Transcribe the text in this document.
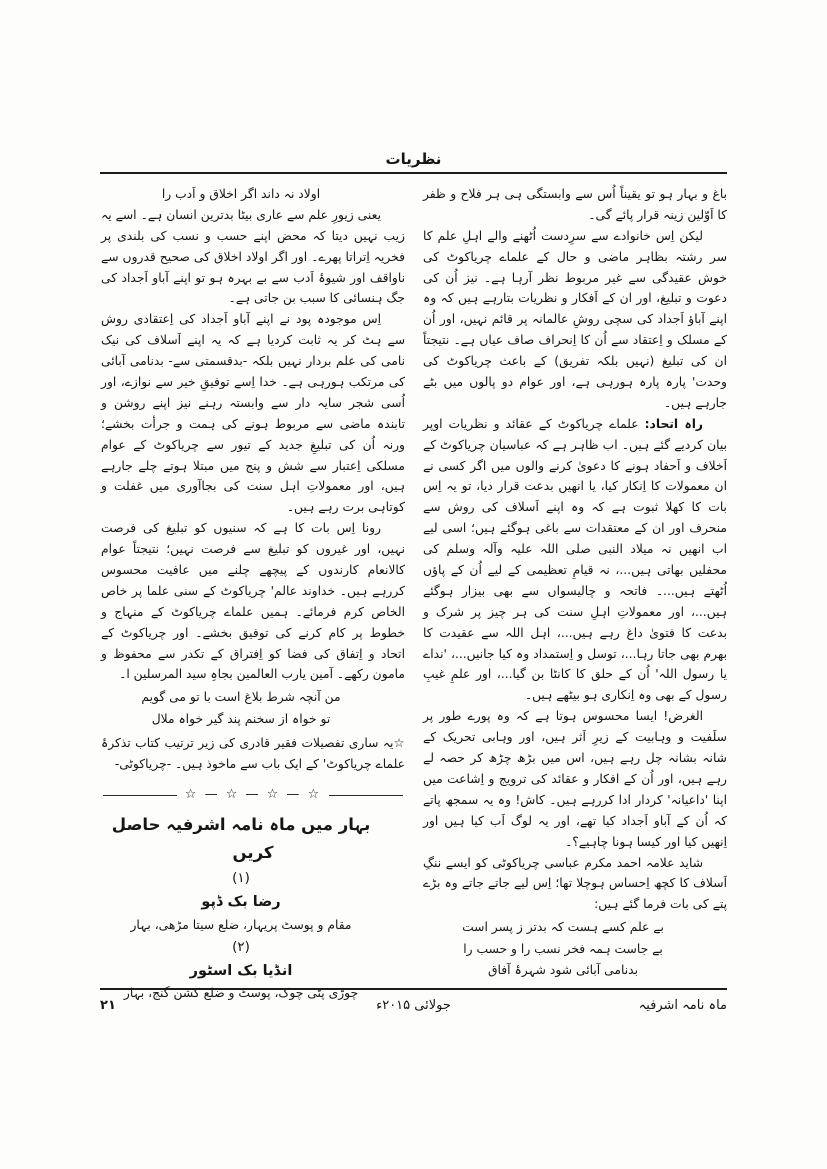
نظریات

باغ و بہار ہو تو یقیناً اُس سے وابستگی ہی ہر فلاح و ظفر کا اَوّلین زینہ قرار پائے گی۔

لیکن اِس خانوادے سے سرِدست اُٹھنے والے اہلِ علم کا سر رشتہ بظاہر ماضی و حال کے علماے چریاکوٹ کی خوش عقیدگی سے غیر مربوط نظر آرہا ہے۔ نیز اُن کی دعوت و تبلیغ، اور ان کے اَفکار و نظریات بتارہے ہیں کہ وہ اپنے آباؤ اَجداد کی سچی روشِ عالمانہ پر قائم نہیں، اور اُن کے مسلک و اِعتقاد سے اُن کا اِنحراف صاف عیاں ہے۔ نتیجتاً ان کی تبلیغ (نہیں بلکہ تفریق) کے باعث چریاکوٹ کی وحدت' پارہ پارہ ہورہی ہے، اور عوام دو پالوں میں بٹے جارہے ہیں۔

راہ اتحاد: علماے چریاکوٹ کے عقائد و نظریات اوپر بیان کردیے گئے ہیں۔ اب ظاہر ہے کہ عباسیان چریاکوٹ کے اَخلاف و اَحفاد ہونے کا دعویٰ کرنے والوں میں اگر کسی نے ان معمولات کا اِنکار کیا، یا انھیں بدعت قرار دیا، تو یہ اِس بات کا کھلا ثبوت ہے کہ وہ اپنے اَسلاف کی روش سے منحرف اور ان کے معتقدات سے باغی ہوگئے ہیں؛ اسی لیے اب انھیں نہ میلاد النبی صلی اللہ علیہ وآلہ وسلم کی محفلیں بھاتی ہیں...، نہ قیامِ تعظیمی کے لیے اُن کے پاؤں اُٹھتے ہیں...۔ فاتحہ و چالیسواں سے بھی بیزار ہوگئے ہیں...، اور معمولاتِ اہلِ سنت کی ہر چیز پر شرک و بدعت کا فتویٰ داغ رہے ہیں...، اہل اللہ سے عقیدت کا بھرم بھی جاتا رہا...، توسل و اِستمداد وہ کیا جانیں...، 'نداے یا رسول اللہ' اُن کے حلق کا کانٹا بن گیا...، اور علمِ غیبِ رسول کے بھی وہ اِنکاری ہو بیٹھے ہیں۔

الغرض! ایسا محسوس ہوتا ہے کہ وہ پورے طور پر سلَفیت و وہابیت کے زیرِ اَثر ہیں، اور وہابی تحریک کے شانہ بشانہ چل رہے ہیں، اس میں بڑھ چڑھ کر حصہ لے رہے ہیں، اور اُن کے افکار و عقائد کی ترویج و اِشاعت میں اپنا 'داعیانہ' کردار ادا کررہے ہیں۔ کاش! وہ یہ سمجھ پاتے کہ اُن کے آباو اَجداد کیا تھے، اور یہ لوگ اَب کیا ہیں اور اِنھیں کیا اور کیسا ہونا چاہیے؟۔

شاید علامہ احمد مکرم عباسی چریاکوٹی کو ایسے ننگِ اَسلاف کا کچھ اِحساس ہوچلا تھا؛ اِس لیے جاتے جاتے وہ بڑے پتے کی بات فرما گئے ہیں:

بے علم کسے ہست کہ بدتر ز پسر است

بے جاست ہمہ فخر نسب را و حسب را

بدنامی آبائی شود شہرۂ آفاق

اولاد نہ داند اگر اخلاق و اَدب را

یعنی زیورِ علم سے عاری بیٹا بدترین انسان ہے۔ اسے یہ زیب نہیں دیتا کہ محض اپنے حسب و نسب کی بلندی پر فخریہ اِتراتا پھرے۔ اور اگر اولاد اخلاق کی صحیح قدروں سے ناواقف اور شیوۂ اَدب سے بے بہرہ ہو تو اپنے آباو اَجداد کی جگ ہنسائی کا سبب بن جاتی ہے۔

اِس موجودہ پود نے اپنے آباو اَجداد کی اِعتقادی روش سے ہٹ کر یہ ثابت کردیا ہے کہ یہ اپنے اَسلاف کی نیک نامی کی علم بردار نہیں بلکہ -بدقسمتی سے- بدنامی آبائی کی مرتکب ہورہی ہے۔ خدا اِسے توفیقِ خیر سے نوازے، اور اُسی شجر سایہ دار سے وابستہ رہنے نیز اپنے روشن و تابندہ ماضی سے مربوط ہونے کی ہمت و جرأت بخشے؛ ورنہ اُن کی تبلیغِ جدید کے تیور سے چریاکوٹ کے عوام مسلکی اِعتبار سے شش و پنج میں مبتلا ہوتے چلے جارہے ہیں، اور معمولاتِ اہل سنت کی بجاآوری میں غفلت و کوتاہی برت رہے ہیں۔

رونا اِس بات کا ہے کہ سنیوں کو تبلیغ کی فرصت نہیں، اور غیروں کو تبلیغ سے فرصت نہیں؛ نتیجتاً عوام کالانعام کارندوں کے پیچھے چلنے میں عافیت محسوس کررہے ہیں۔ خداوند عالم' چریاکوٹ کے سنی علما پر خاص الخاص کرم فرمائے۔ ہمیں علماے چریاکوٹ کے منہاج و خطوط پر کام کرنے کی توفیق بخشے۔ اور چریاکوٹ کے اتحاد و اِتفاق کی فضا کو اِفتراق کے تکدر سے محفوظ و مامون رکھے۔ آمین یارب العالمین بجاہِ سید المرسلین ا۔

من آنچہ شرط بلاغ است با تو می گویم

تو خواہ از سخنم پند گیر خواہ ملال

☆یہ ساری تفصیلات فقیر قادری کی زیر ترتیب کتاب تذکرۂ علماے چریاکوٹ' کے ایک باب سے ماخوذ ہیں۔ -چریاکوٹی-

☆ — ☆ — ☆ — ☆

بہار میں ماہ نامہ اشرفیہ حاصل کریں

(۱)

رضا بک ڈپو

مقام و پوسٹ پریہار، ضلع سیتا مڑھی، بہار

(۲)

انڈیا بک اسٹور

چوڑی پٹی چوک، پوسٹ و ضلع کشن گنج، بہار

ماہ نامہ اشرفیہ
جولائی ۲۰۱۵ء
۲۱
